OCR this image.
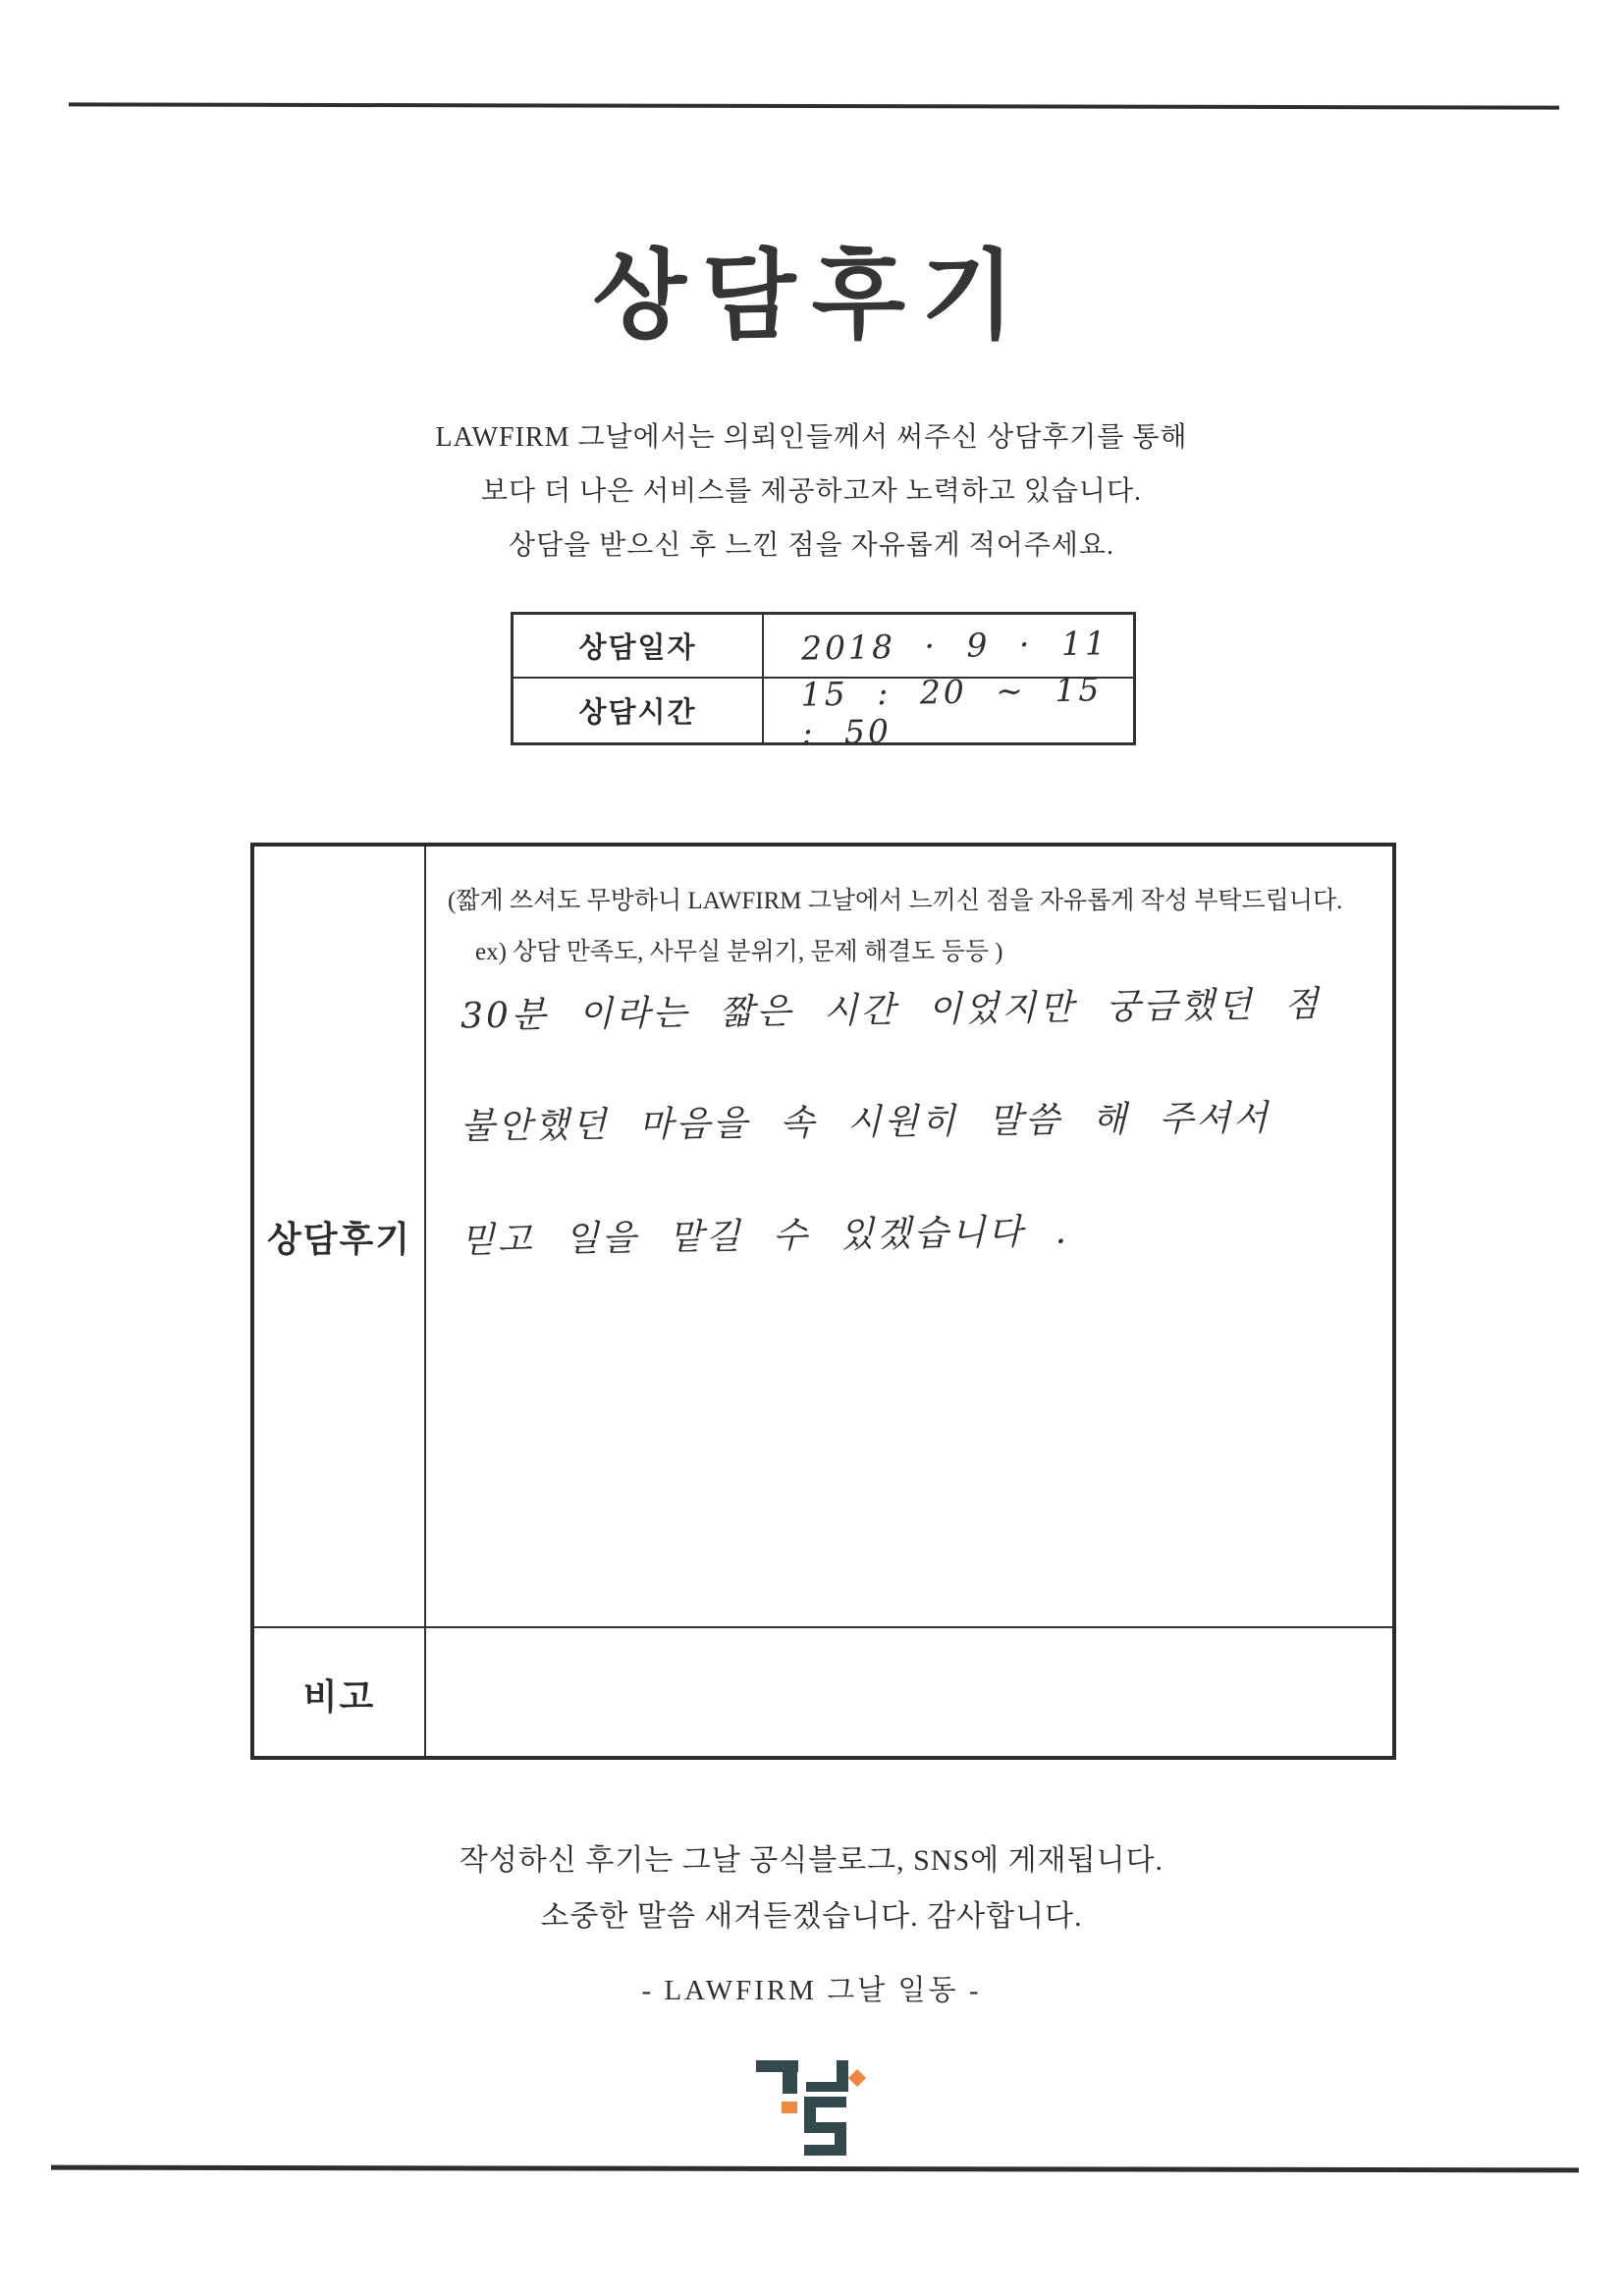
상담후기

LAWFIRM 그날에서는 의뢰인들께서 써주신 상담후기를 통해

보다 더 나은 서비스를 제공하고자 노력하고 있습니다.

상담을 받으신 후 느낀 점을 자유롭게 적어주세요.

상담일자	2018 · 9 · 11
상담시간	15 : 20 ~ 15 : 50
상담후기

(짧게 쓰셔도 무방하니 LAWFIRM 그날에서 느끼신 점을 자유롭게 작성 부탁드립니다.

ex) 상담 만족도, 사무실 분위기, 문제 해결도 등등 )

30분 이라는 짧은 시간 이었지만 궁금했던 점
불안했던 마음을 속 시원히 말씀 해 주셔서
믿고 일을 맡길 수 있겠습니다 .
비고

작성하신 후기는 그날 공식블로그, SNS에 게재됩니다.

소중한 말씀 새겨듣겠습니다. 감사합니다.

- LAWFIRM 그날 일동 -
